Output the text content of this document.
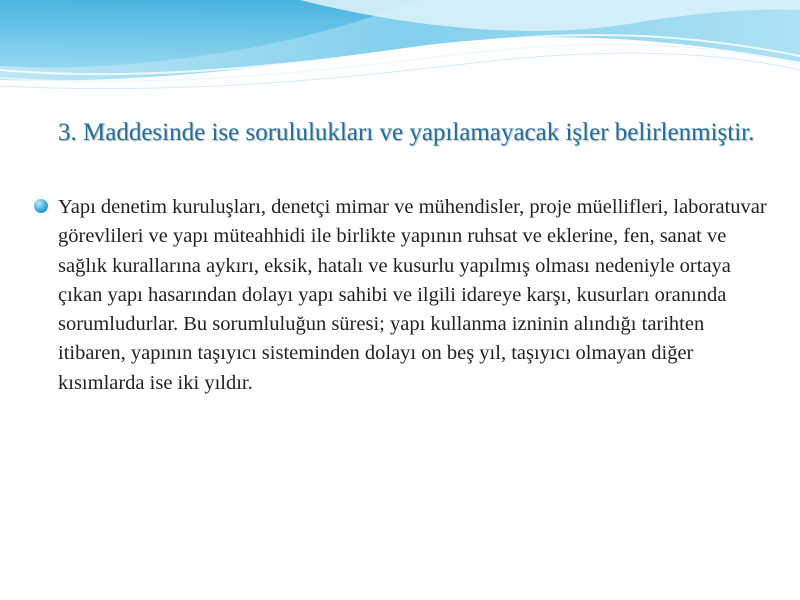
3. Maddesinde ise sorululukları ve yapılamayacak işler belirlenmiştir.
Yapı denetim kuruluşları, denetçi mimar ve mühendisler, proje müellifleri, laboratuvar görevlileri ve yapı müteahhidi ile birlikte yapının ruhsat ve eklerine, fen, sanat ve sağlık kurallarına aykırı, eksik, hatalı ve kusurlu yapılmış olması nedeniyle ortaya çıkan yapı hasarından dolayı yapı sahibi ve ilgili idareye karşı, kusurları oranında sorumludurlar. Bu sorumluluğun süresi; yapı kullanma izninin alındığı tarihten itibaren, yapının taşıyıcı sisteminden dolayı on beş yıl, taşıyıcı olmayan diğer kısımlarda ise iki yıldır.
